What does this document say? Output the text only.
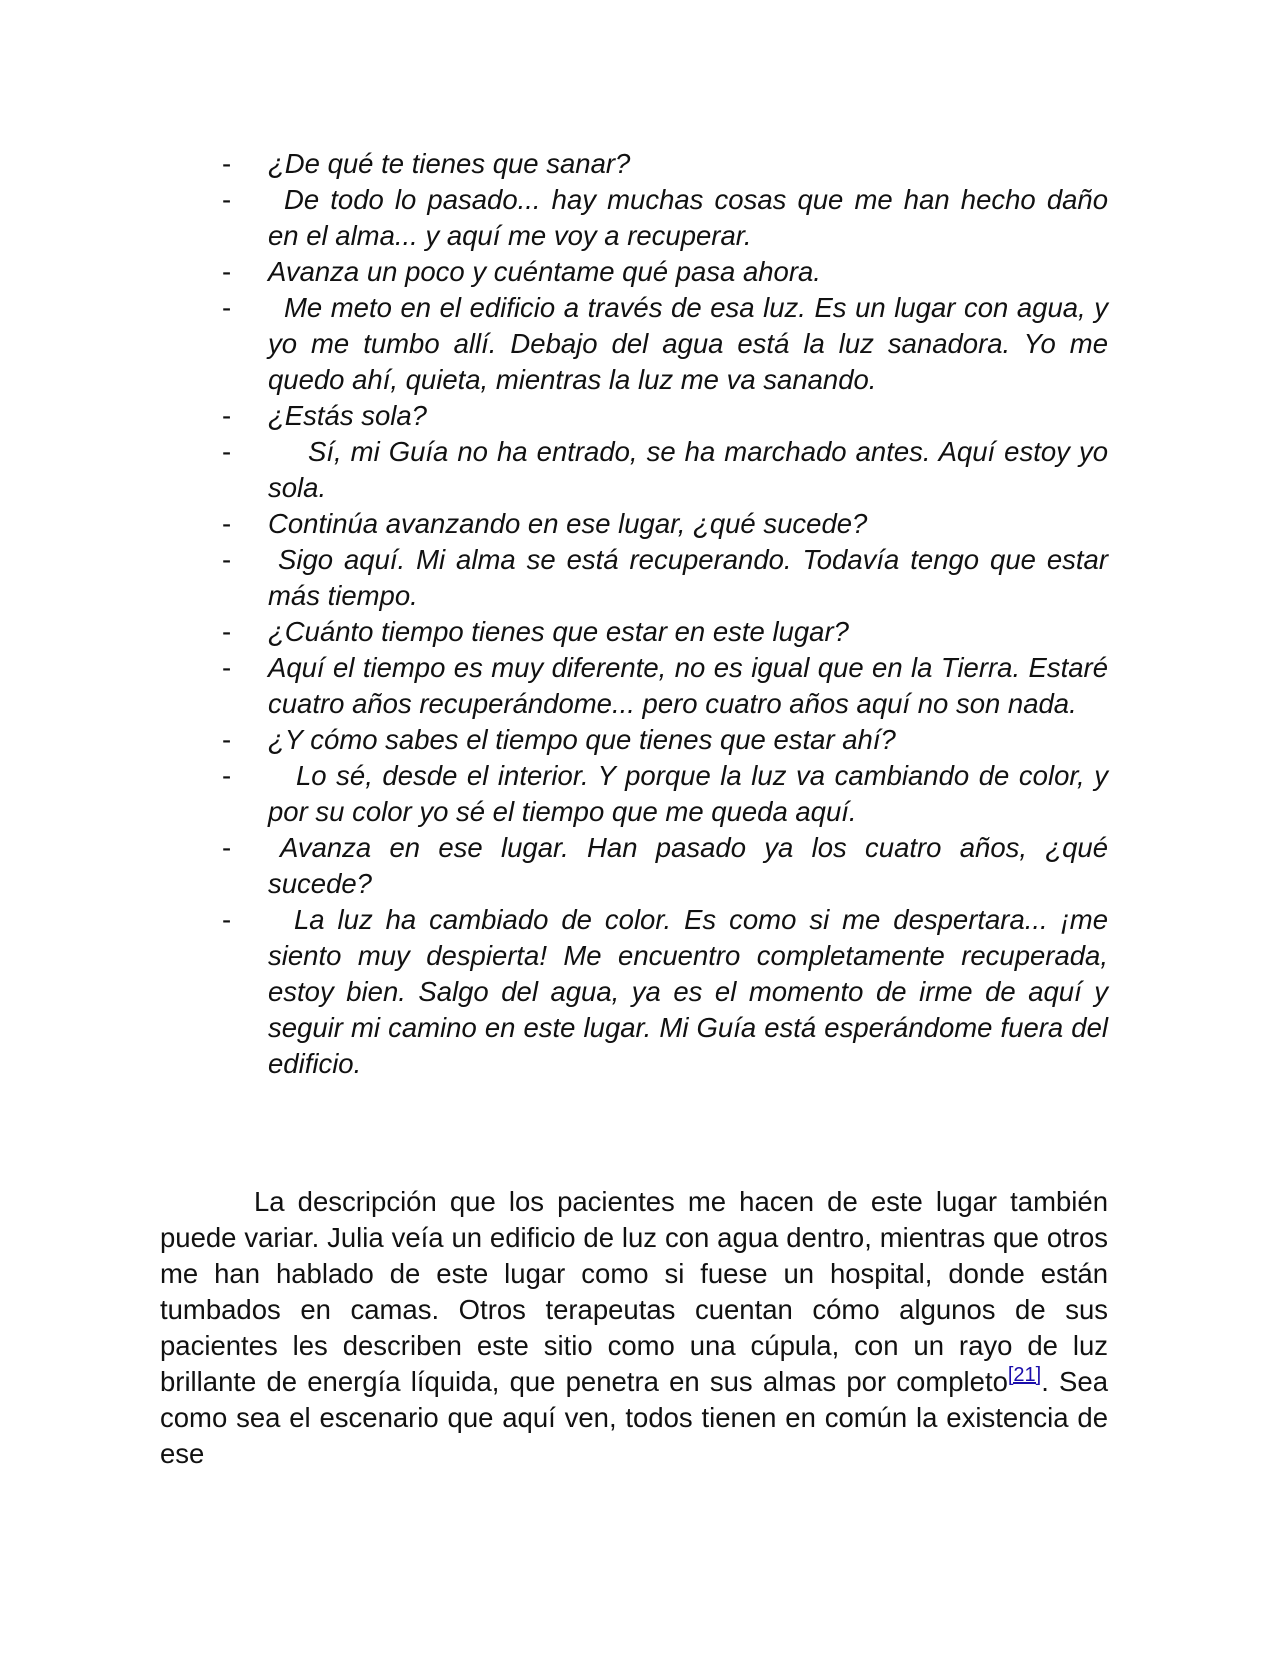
-	¿De qué te tienes que sanar?
-	De todo lo pasado... hay muchas cosas que me han hecho daño en el alma... y aquí me voy a recuperar.
-	Avanza un poco y cuéntame qué pasa ahora.
-	Me meto en el edificio a través de esa luz. Es un lugar con agua, y yo me tumbo allí. Debajo del agua está la luz sanadora. Yo me quedo ahí, quieta, mientras la luz me va sanando.
-	¿Estás sola?
-	Sí, mi Guía no ha entrado, se ha marchado antes. Aquí estoy yo sola.
-	Continúa avanzando en ese lugar, ¿qué sucede?
-	Sigo aquí. Mi alma se está recuperando. Todavía tengo que estar más tiempo.
-	¿Cuánto tiempo tienes que estar en este lugar?
-	Aquí el tiempo es muy diferente, no es igual que en la Tierra. Estaré cuatro años recuperándome... pero cuatro años aquí no son nada.
-	¿Y cómo sabes el tiempo que tienes que estar ahí?
-	Lo sé, desde el interior. Y porque la luz va cambiando de color, y por su color yo sé el tiempo que me queda aquí.
-	Avanza en ese lugar. Han pasado ya los cuatro años, ¿qué sucede?
-	La luz ha cambiado de color. Es como si me despertara... ¡me siento muy despierta! Me encuentro completamente recuperada, estoy bien. Salgo del agua, ya es el momento de irme de aquí y seguir mi camino en este lugar. Mi Guía está esperándome fuera del edificio.

La descripción que los pacientes me hacen de este lugar también puede variar. Julia veía un edificio de luz con agua dentro, mientras que otros me han hablado de este lugar como si fuese un hospital, donde están tumbados en camas. Otros terapeutas cuentan cómo algunos de sus pacientes les describen este sitio como una cúpula, con un rayo de luz brillante de energía líquida, que penetra en sus almas por completo[21]. Sea como sea el escenario que aquí ven, todos tienen en común la existencia de ese
